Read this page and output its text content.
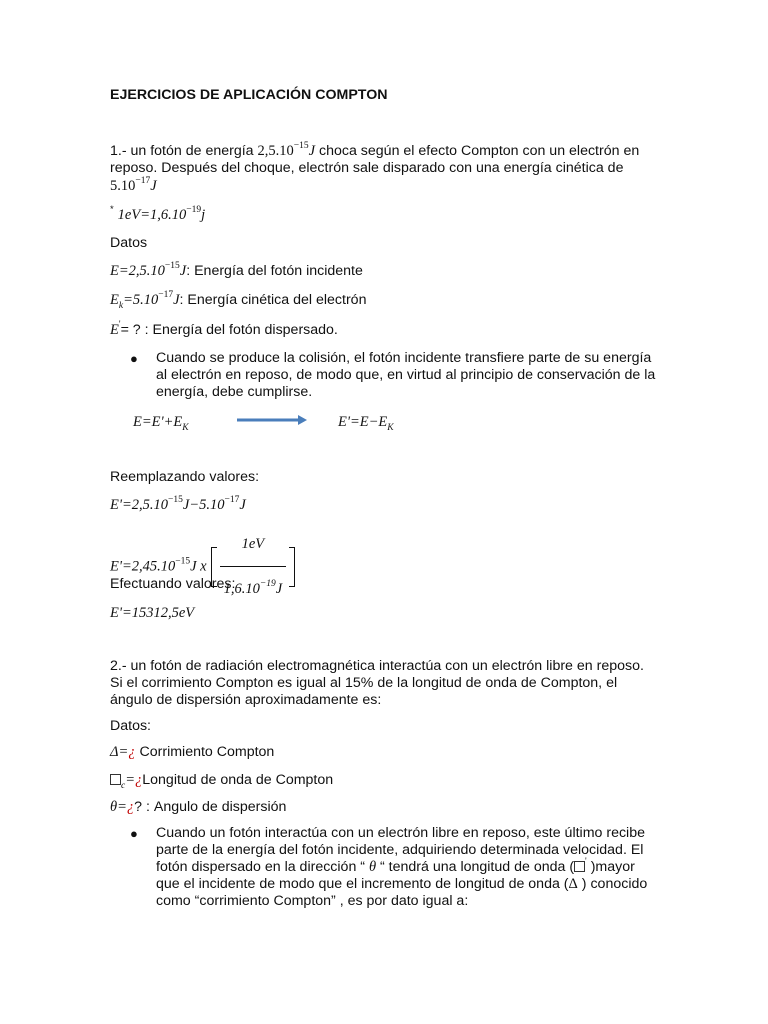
EJERCICIOS DE APLICACIÓN COMPTON
1.- un fotón de energía $2,5.10^{-15}J$ choca según el efecto Compton con un electrón en
reposo. Después del choque, electrón sale disparado con una energía cinética de
$5.10^{-17}J$
* $1eV=1,6.10^{-19}j$
Datos
$E=2,5.10^{-15}J$: Energía del fotón incidente
$E_k=5.10^{-17}J$: Energía cinética del electrón
E'= ? : Energía del fotón dispersado.
● Cuando se produce la colisión, el fotón incidente transfiere parte de su energía al electrón en reposo, de modo que, en virtud al principio de conservación de la energía, debe cumplirse.
$E=E'+E_K$	$E'=E-E_K$
Reemplazando valores:
$E'=2,5.10^{-15}J-5.10^{-17}J$
$E'=2,45.10^{-15}J$ x $\frac{1eV}{1,6.10^{-19}J}$
Efectuando valores:
E'=15312,5eV
2.- un fotón de radiación electromagnética interactúa con un electrón libre en reposo.
Si el corrimiento Compton es igual al 15% de la longitud de onda de Compton, el
ángulo de dispersión aproximadamente es:
Datos:
Δ=¿ Corrimiento Compton
$_c$=¿Longitud de onda de Compton
θ=¿? : Angulo de dispersión
● Cuando un fotón interactúa con un electrón libre en reposo, este último recibe
parte de la energía del fotón incidente, adquiriendo determinada velocidad. El
fotón dispersado en la dirección “ θ “ tendrá una longitud de onda ( ' )mayor
que el incidente de modo que el incremento de longitud de onda (Δ ) conocido
como “corrimiento Compton” , es por dato igual a:
